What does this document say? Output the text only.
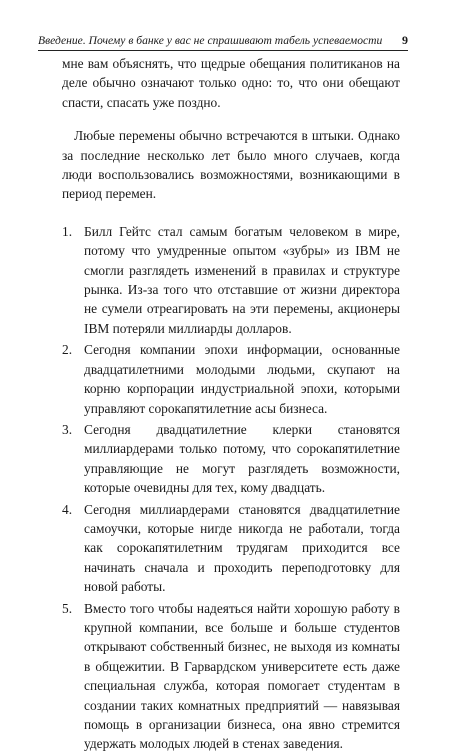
Введение. Почему в банке у вас не спрашивают табель успеваемости 9

мне вам объяснять, что щедрые обещания политиканов на деле обычно означают только одно: то, что они обещают спасти, спасать уже поздно.

Любые перемены обычно встречаются в штыки. Однако за последние несколько лет было много случаев, когда люди воспользовались возможностями, возникающими в период перемен.

1. Билл Гейтс стал самым богатым человеком в мире, потому что умудренные опытом «зубры» из IBM не смогли разглядеть изменений в правилах и структуре рынка. Из-за того что отставшие от жизни директора не сумели отреагировать на эти перемены, акционеры IBM потеряли миллиарды долларов.
2. Сегодня компании эпохи информации, основанные двадцатилетними молодыми людьми, скупают на корню корпорации индустриальной эпохи, которыми управляют сорокапятилетние асы бизнеса.
3. Сегодня двадцатилетние клерки становятся миллиардерами только потому, что сорокапятилетние управляющие не могут разглядеть возможности, которые очевидны для тех, кому двадцать.
4. Сегодня миллиардерами становятся двадцатилетние самоучки, которые нигде никогда не работали, тогда как сорокапятилетним трудягам приходится все начинать сначала и проходить переподготовку для новой работы.
5. Вместо того чтобы надеяться найти хорошую работу в крупной компании, все больше и больше студентов открывают собственный бизнес, не выходя из комнаты в общежитии. В Гарвардском университете есть даже специальная служба, которая помогает студентам в создании таких комнатных предприятий — навязывая помощь в организации бизнеса, она явно стремится удержать молодых людей в стенах заведения.
